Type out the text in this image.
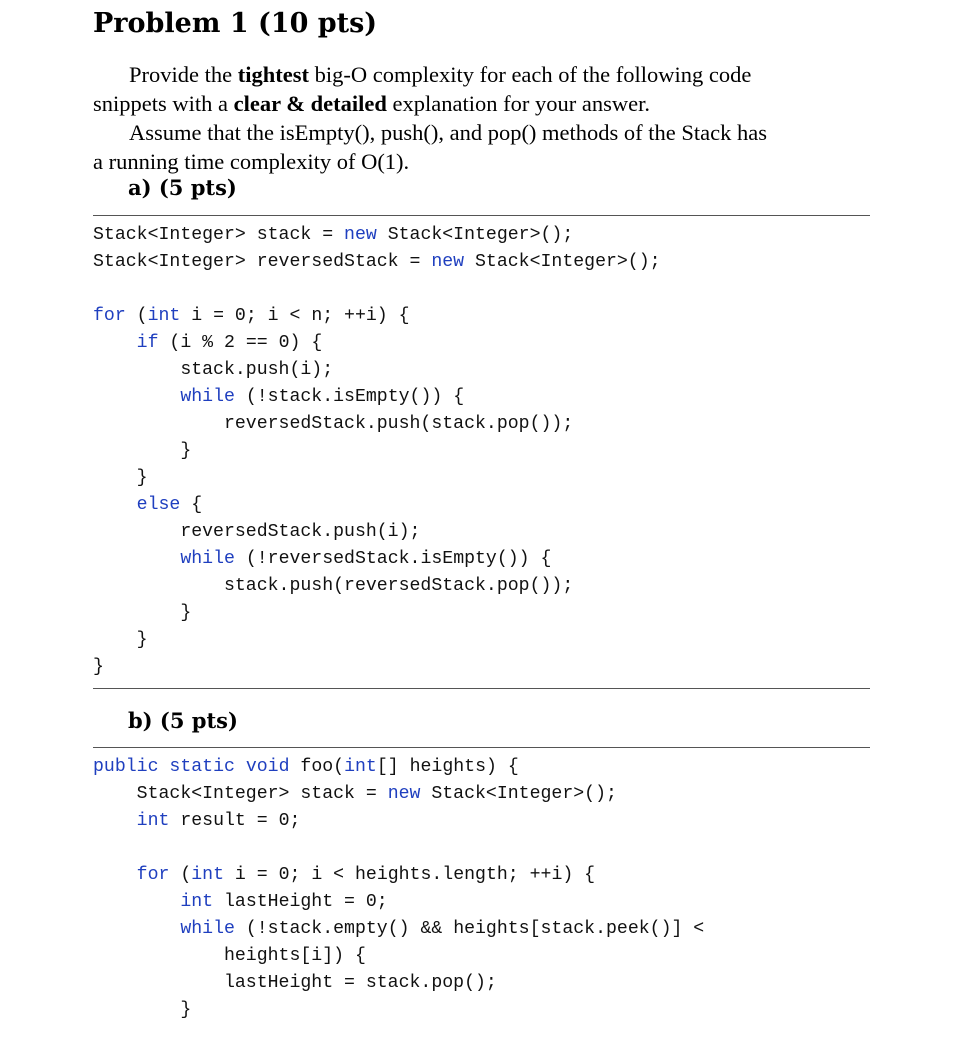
Problem 1 (10 pts)
Provide the tightest big-O complexity for each of the following code
snippets with a clear & detailed explanation for your answer.
Assume that the isEmpty(), push(), and pop() methods of the Stack has
a running time complexity of O(1).
a) (5 pts)
Stack<Integer> stack = new Stack<Integer>();
Stack<Integer> reversedStack = new Stack<Integer>();
for (int i = 0; i < n; ++i) {
if (i % 2 == 0) {
stack.push(i);
while (!stack.isEmpty()) {
reversedStack.push(stack.pop());
}
}
else {
reversedStack.push(i);
while (!reversedStack.isEmpty()) {
stack.push(reversedStack.pop());
}
}
}
b) (5 pts)
public static void foo(int[] heights) {
Stack<Integer> stack = new Stack<Integer>();
int result = 0;
for (int i = 0; i < heights.length; ++i) {
int lastHeight = 0;
while (!stack.empty() && heights[stack.peek()] <
heights[i]) {
lastHeight = stack.pop();
}
